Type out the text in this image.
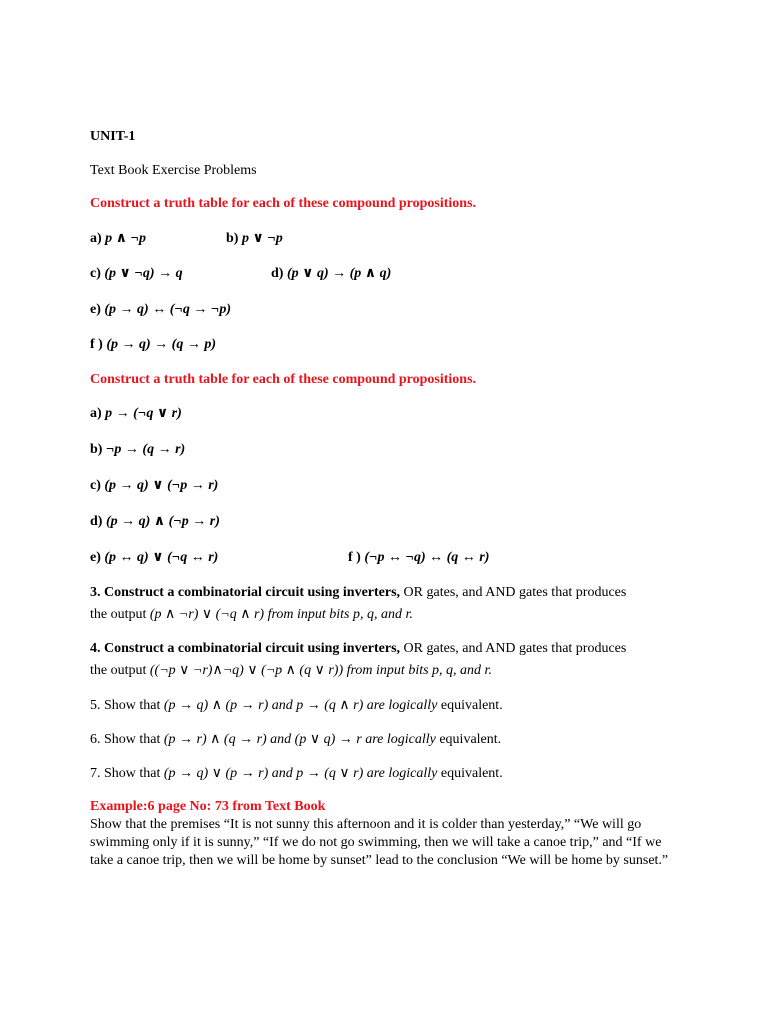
UNIT-1
Text Book Exercise Problems
Construct a truth table for each of these compound propositions.
a) p ∧ ¬p	b) p ∨ ¬p
c) (p ∨ ¬q) → q	d) (p ∨ q) → (p ∧ q)
e) (p → q) ↔ (¬q → ¬p)
f ) (p → q) → (q → p)
Construct a truth table for each of these compound propositions.
a) p → (¬q ∨ r)
b) ¬p → (q → r)
c) (p → q) ∨ (¬p → r)
d) (p → q) ∧ (¬p → r)
e) (p ↔ q) ∨ (¬q ↔ r)	f ) (¬p ↔ ¬q) ↔ (q ↔ r)
3. Construct a combinatorial circuit using inverters, OR gates, and AND gates that produces
the output (p ∧ ¬r) ∨ (¬q ∧ r) from input bits p, q, and r.
4. Construct a combinatorial circuit using inverters, OR gates, and AND gates that produces
the output ((¬p ∨ ¬r)∧¬q) ∨ (¬p ∧ (q ∨ r)) from input bits p, q, and r.
5. Show that (p → q) ∧ (p → r) and p → (q ∧ r) are logically equivalent.
6. Show that (p → r) ∧ (q → r) and (p ∨ q) → r are logically equivalent.
7. Show that (p → q) ∨ (p → r) and p → (q ∨ r) are logically equivalent.
Example:6 page No: 73 from Text Book
Show that the premises “It is not sunny this afternoon and it is colder than yesterday,” “We will go swimming only if it is sunny,” “If we do not go swimming, then we will take a canoe trip,” and “If we take a canoe trip, then we will be home by sunset” lead to the conclusion “We will be home by sunset.”
